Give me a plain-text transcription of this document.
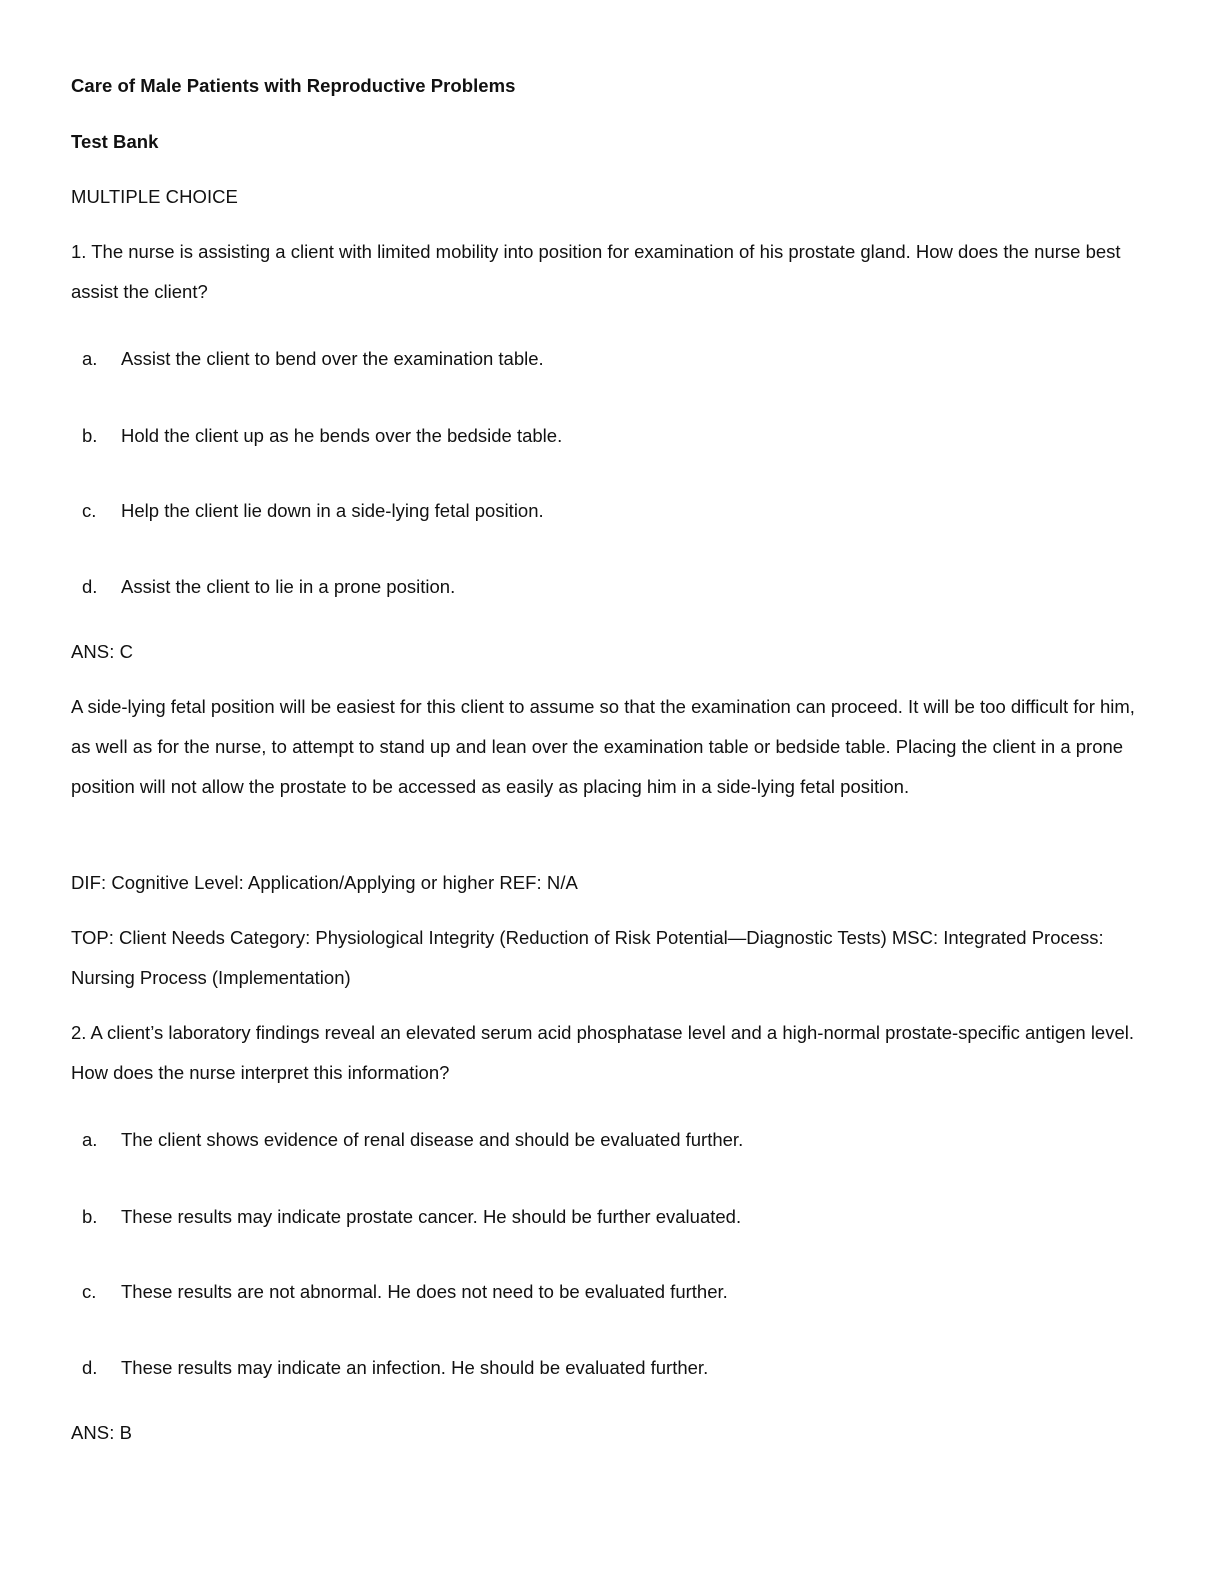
Care of Male Patients with Reproductive Problems
Test Bank
MULTIPLE CHOICE
1. The nurse is assisting a client with limited mobility into position for examination of his prostate gland. How does the nurse best assist the client?
a. Assist the client to bend over the examination table.
b. Hold the client up as he bends over the bedside table.
c. Help the client lie down in a side-lying fetal position.
d. Assist the client to lie in a prone position.
ANS: C
A side-lying fetal position will be easiest for this client to assume so that the examination can proceed. It will be too difficult for him, as well as for the nurse, to attempt to stand up and lean over the examination table or bedside table. Placing the client in a prone position will not allow the prostate to be accessed as easily as placing him in a side-lying fetal position.
DIF: Cognitive Level: Application/Applying or higher REF: N/A
TOP: Client Needs Category: Physiological Integrity (Reduction of Risk Potential—Diagnostic Tests) MSC: Integrated Process: Nursing Process (Implementation)
2. A client’s laboratory findings reveal an elevated serum acid phosphatase level and a high-normal prostate-specific antigen level. How does the nurse interpret this information?
a. The client shows evidence of renal disease and should be evaluated further.
b. These results may indicate prostate cancer. He should be further evaluated.
c. These results are not abnormal. He does not need to be evaluated further.
d. These results may indicate an infection. He should be evaluated further.
ANS: B
